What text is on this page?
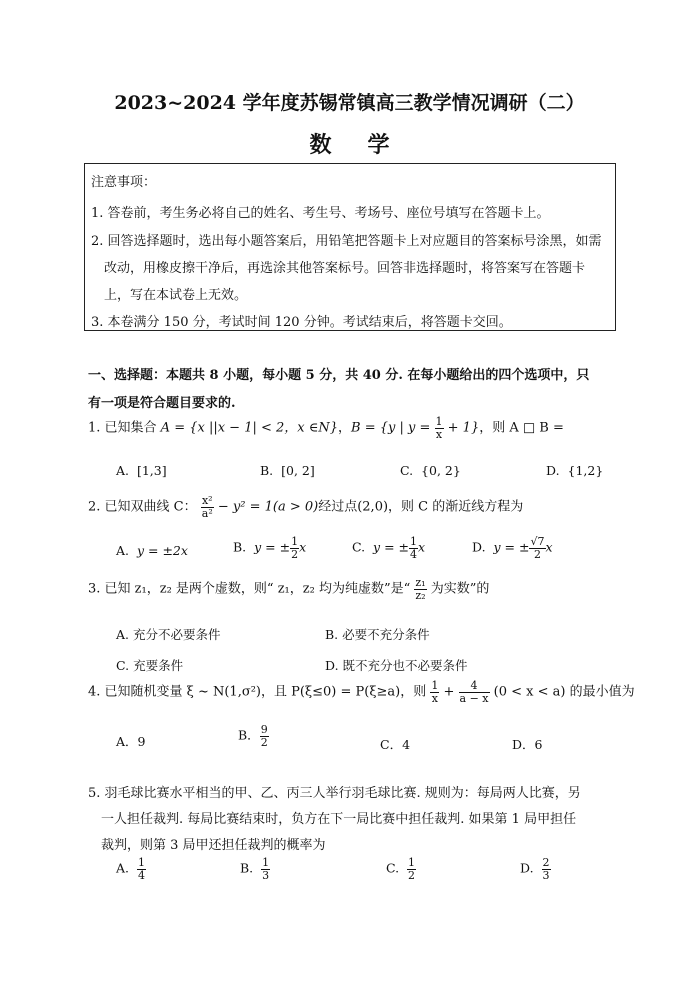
2023~2024 学年度苏锡常镇高三教学情况调研（二）
数学
注意事项：
1. 答卷前，考生务必将自己的姓名、考生号、考场号、座位号填写在答题卡上。
2. 回答选择题时，选出每小题答案后，用铅笔把答题卡上对应题目的答案标号涂黑，如需
改动，用橡皮擦干净后，再选涂其他答案标号。回答非选择题时，将答案写在答题卡
上，写在本试卷上无效。
3. 本卷满分 150 分，考试时间 120 分钟。考试结束后，将答题卡交回。
一、选择题：本题共 8 小题，每小题 5 分，共 40 分. 在每小题给出的四个选项中，只
有一项是符合题目要求的.
1. 已知集合 A = {x ||x − 1| < 2，x ∈N}，B = {y | $y = \frac{1}{x} + 1$}，则 A □ B =
A. [1,3]	B. [0, 2]	C. {0, 2}	D. {1,2}
2. 已知双曲线 C： $\frac{\text{x²}}{\text{a²}} - y^2 = 1(a > 0)$经过点(2,0)，则 C 的渐近线方程为
A. y = ±2x	B. y = ± $\frac{1}{2}$ x	C. y = ± $\frac{1}{4}$ x	D. y = ± $\frac{√7}{2}$ x
3. 已知 z₁，z₂ 是两个虚数，则“ z₁，z₂ 均为纯虚数”是“ $\frac{\text{z₁}}{\text{z₂}}$ 为实数”的
A. 充分不必要条件	B. 必要不充分条件
C. 充要条件	D. 既不充分也不必要条件
4. 已知随机变量 ξ ~ N(1,σ²)，且 P(ξ≤0) = P(ξ≥a)，则 $\frac{1}{x} + \frac{4}{a - x} (0 < x < a)$ 的最小值为
A．9	B． $\frac{9}{2}$	C．4	D．6
5. 羽毛球比赛水平相当的甲、乙、丙三人举行羽毛球比赛. 规则为：每局两人比赛，另
一人担任裁判. 每局比赛结束时，负方在下一局比赛中担任裁判. 如果第 1 局甲担任
裁判，则第 3 局甲还担任裁判的概率为
A. $\frac{1}{4}$	B. $\frac{1}{3}$	C. $\frac{1}{2}$	D. $\frac{2}{3}$
